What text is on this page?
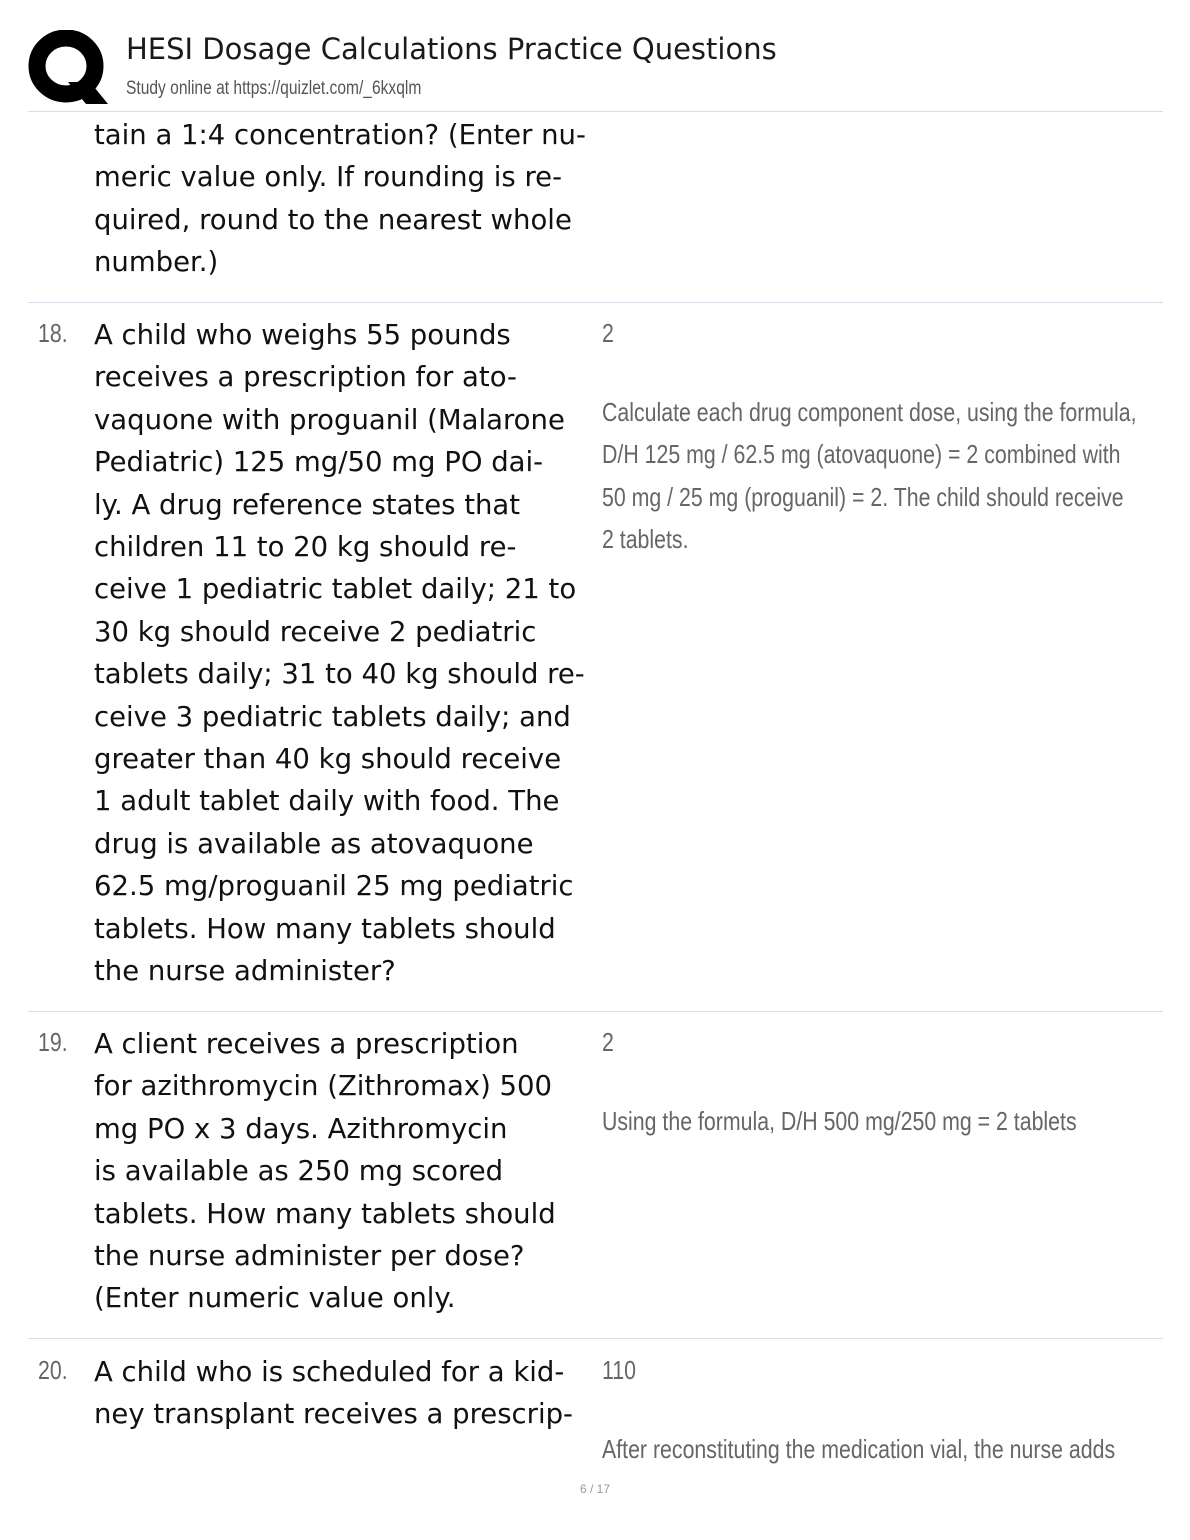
HESI Dosage Calculations Practice Questions
Study online at https://quizlet.com/_6kxqlm
tain a 1:4 concentration? (Enter nu-
meric value only. If rounding is re-
quired, round to the nearest whole
number.)
18. A child who weighs 55 pounds
receives a prescription for ato-
vaquone with proguanil (Malarone
Pediatric) 125 mg/50 mg PO dai-
ly. A drug reference states that
children 11 to 20 kg should re-
ceive 1 pediatric tablet daily; 21 to
30 kg should receive 2 pediatric
tablets daily; 31 to 40 kg should re-
ceive 3 pediatric tablets daily; and
greater than 40 kg should receive
1 adult tablet daily with food. The
drug is available as atovaquone
62.5 mg/proguanil 25 mg pediatric
tablets. How many tablets should
the nurse administer?
2
Calculate each drug component dose, using the formula,
D/H 125 mg / 62.5 mg (atovaquone) = 2 combined with
50 mg / 25 mg (proguanil) = 2. The child should receive
2 tablets.
19. A client receives a prescription
for azithromycin (Zithromax) 500
mg PO x 3 days. Azithromycin
is available as 250 mg scored
tablets. How many tablets should
the nurse administer per dose?
(Enter numeric value only.
2
Using the formula, D/H 500 mg/250 mg = 2 tablets
20. A child who is scheduled for a kid-
ney transplant receives a prescrip-
110
After reconstituting the medication vial, the nurse adds
6 / 17
